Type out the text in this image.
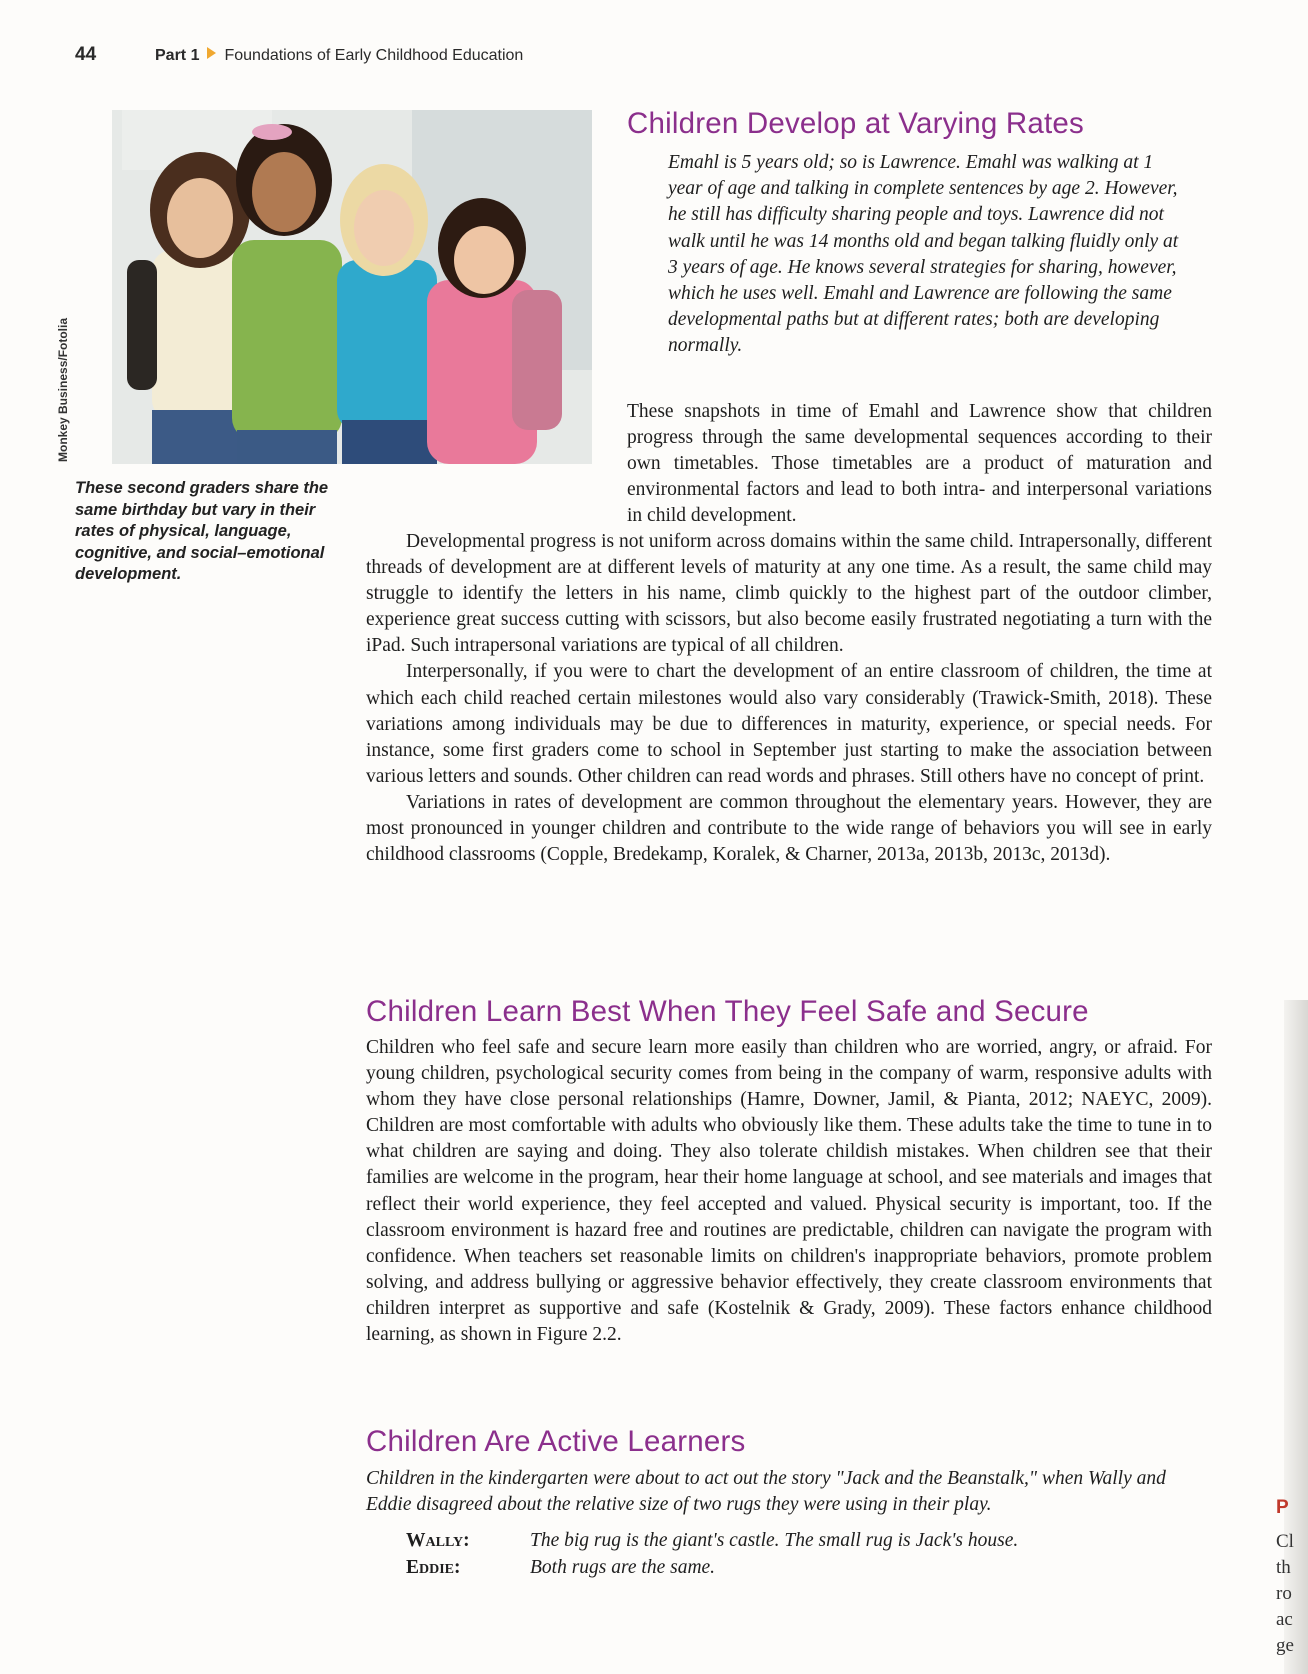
44	Part 1 Foundations of Early Childhood Education
Monkey Business/Fotolia
These second graders share the same birthday but vary in their rates of physical, language, cognitive, and social–emotional development.
Children Develop at Varying Rates

Emahl is 5 years old; so is Lawrence. Emahl was walking at 1 year of age and talking in complete sentences by age 2. However, he still has difficulty sharing people and toys. Lawrence did not walk until he was 14 months old and began talking fluidly only at 3 years of age. He knows several strategies for sharing, however, which he uses well. Emahl and Lawrence are following the same developmental paths but at different rates; both are developing normally.

These snapshots in time of Emahl and Lawrence show that children progress through the same developmental sequences according to their own timetables. Those timetables are a product of maturation and environmental factors and lead to both intra- and interpersonal variations in child development.

Developmental progress is not uniform across domains within the same child. Intrapersonally, different threads of development are at different levels of maturity at any one time. As a result, the same child may struggle to identify the letters in his name, climb quickly to the highest part of the outdoor climber, experience great success cutting with scissors, but also become easily frustrated negotiating a turn with the iPad. Such intrapersonal variations are typical of all children.

Interpersonally, if you were to chart the development of an entire classroom of children, the time at which each child reached certain milestones would also vary considerably (Trawick-Smith, 2018). These variations among individuals may be due to differences in maturity, experience, or special needs. For instance, some first graders come to school in September just starting to make the association between various letters and sounds. Other children can read words and phrases. Still others have no concept of print.

Variations in rates of development are common throughout the elementary years. However, they are most pronounced in younger children and contribute to the wide range of behaviors you will see in early childhood classrooms (Copple, Bredekamp, Koralek, & Charner, 2013a, 2013b, 2013c, 2013d).

Children Learn Best When They Feel Safe and Secure

Children who feel safe and secure learn more easily than children who are worried, angry, or afraid. For young children, psychological security comes from being in the company of warm, responsive adults with whom they have close personal relationships (Hamre, Downer, Jamil, & Pianta, 2012; NAEYC, 2009). Children are most comfortable with adults who obviously like them. These adults take the time to tune in to what children are saying and doing. They also tolerate childish mistakes. When children see that their families are welcome in the program, hear their home language at school, and see materials and images that reflect their world experience, they feel accepted and valued. Physical security is important, too. If the classroom environment is hazard free and routines are predictable, children can navigate the program with confidence. When teachers set reasonable limits on children's inappropriate behaviors, promote problem solving, and address bullying or aggressive behavior effectively, they create classroom environments that children interpret as supportive and safe (Kostelnik & Grady, 2009). These factors enhance childhood learning, as shown in Figure 2.2.

Children Are Active Learners
Children in the kindergarten were about to act out the story "Jack and the Beanstalk," when Wally and Eddie disagreed about the relative size of two rugs they were using in their play.
Wally:	The big rug is the giant's castle. The small rug is Jack's house.
Eddie:	Both rugs are the same.
P
Cl
th
ro
ac
ge
